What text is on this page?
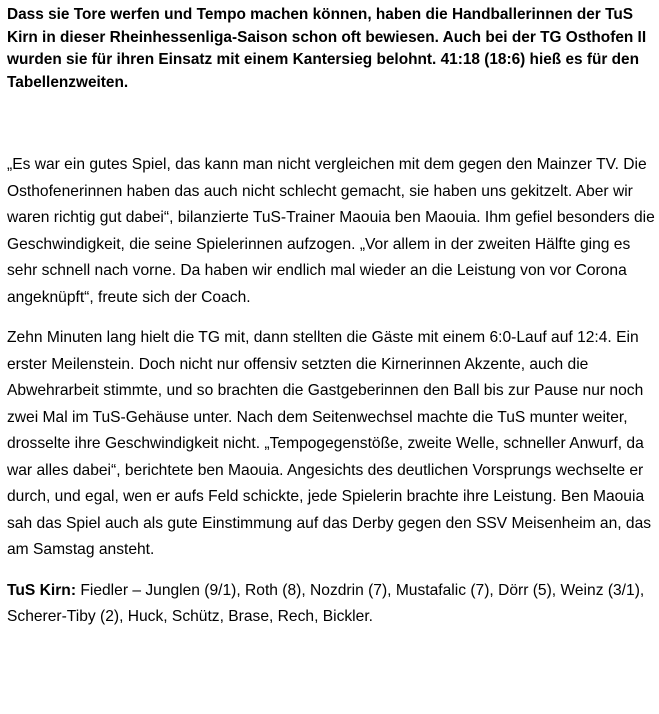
Dass sie Tore werfen und Tempo machen können, haben die Handballerinnen der TuS Kirn in dieser Rheinhessenliga-Saison schon oft bewiesen. Auch bei der TG Osthofen II wurden sie für ihren Einsatz mit einem Kantersieg belohnt. 41:18 (18:6) hieß es für den Tabellenzweiten.

„Es war ein gutes Spiel, das kann man nicht vergleichen mit dem gegen den Mainzer TV. Die Osthofenerinnen haben das auch nicht schlecht gemacht, sie haben uns gekitzelt. Aber wir waren richtig gut dabei“, bilanzierte TuS-Trainer Maouia ben Maouia. Ihm gefiel besonders die Geschwindigkeit, die seine Spielerinnen aufzogen. „Vor allem in der zweiten Hälfte ging es sehr schnell nach vorne. Da haben wir endlich mal wieder an die Leistung von vor Corona angeknüpft“, freute sich der Coach.

Zehn Minuten lang hielt die TG mit, dann stellten die Gäste mit einem 6:0-Lauf auf 12:4. Ein erster Meilenstein. Doch nicht nur offensiv setzten die Kirnerinnen Akzente, auch die Abwehrarbeit stimmte, und so brachten die Gastgeberinnen den Ball bis zur Pause nur noch zwei Mal im TuS-Gehäuse unter. Nach dem Seitenwechsel machte die TuS munter weiter, drosselte ihre Geschwindigkeit nicht. „Tempogegenstöße, zweite Welle, schneller Anwurf, da war alles dabei“, berichtete ben Maouia. Angesichts des deutlichen Vorsprungs wechselte er durch, und egal, wen er aufs Feld schickte, jede Spielerin brachte ihre Leistung. Ben Maouia sah das Spiel auch als gute Einstimmung auf das Derby gegen den SSV Meisenheim an, das am Samstag ansteht.

TuS Kirn: Fiedler – Junglen (9/1), Roth (8), Nozdrin (7), Mustafalic (7), Dörr (5), Weinz (3/1), Scherer-Tiby (2), Huck, Schütz, Brase, Rech, Bickler.
